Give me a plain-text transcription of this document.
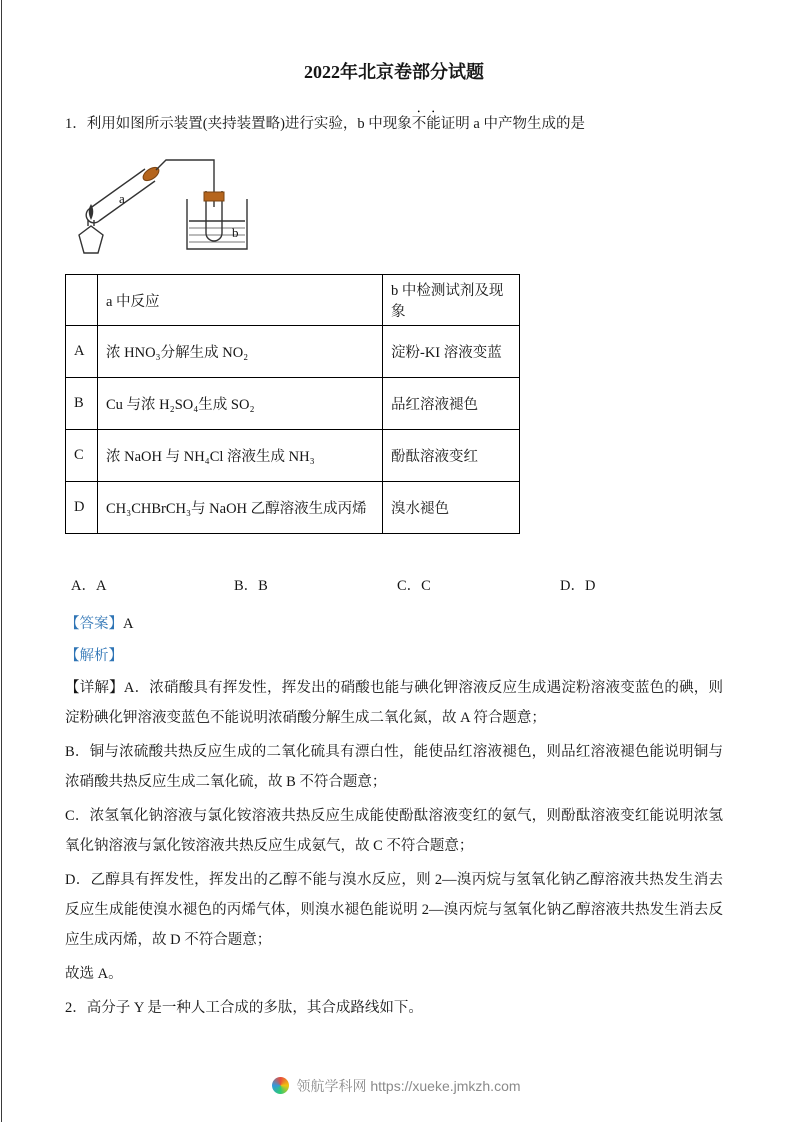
2022年北京卷部分试题

1．利用如图所示装置(夹持装置略)进行实验，b 中现象不能证明 a 中产物生成的是

a
b
	a 中反应	b 中检测试剂及现象
A	浓 HNO₃分解生成 NO₂	淀粉-KI 溶液变蓝
B	Cu 与浓 H₂SO₄生成 SO₂	品红溶液褪色
C	浓 NaOH 与 NH₄Cl 溶液生成 NH₃	酚酞溶液变红
D	CH₃CHBrCH₃与 NaOH 乙醇溶液生成丙烯	溴水褪色
A．A	B．B	C．C	D．D

【答案】A

【解析】

【详解】A．浓硝酸具有挥发性，挥发出的硝酸也能与碘化钾溶液反应生成遇淀粉溶液变蓝色的碘，则淀粉碘化钾溶液变蓝色不能说明浓硝酸分解生成二氧化氮，故 A 符合题意；

B．铜与浓硫酸共热反应生成的二氧化硫具有漂白性，能使品红溶液褪色，则品红溶液褪色能说明铜与浓硝酸共热反应生成二氧化硫，故 B 不符合题意；

C．浓氢氧化钠溶液与氯化铵溶液共热反应生成能使酚酞溶液变红的氨气，则酚酞溶液变红能说明浓氢氧化钠溶液与氯化铵溶液共热反应生成氨气，故 C 不符合题意；

D．乙醇具有挥发性，挥发出的乙醇不能与溴水反应，则 2—溴丙烷与氢氧化钠乙醇溶液共热发生消去反应生成能使溴水褪色的丙烯气体，则溴水褪色能说明 2—溴丙烷与氢氧化钠乙醇溶液共热发生消去反应生成丙烯，故 D 不符合题意；

故选 A。

2．高分子 Y 是一种人工合成的多肽，其合成路线如下。

领航学科网 https://xueke.jmkzh.com
